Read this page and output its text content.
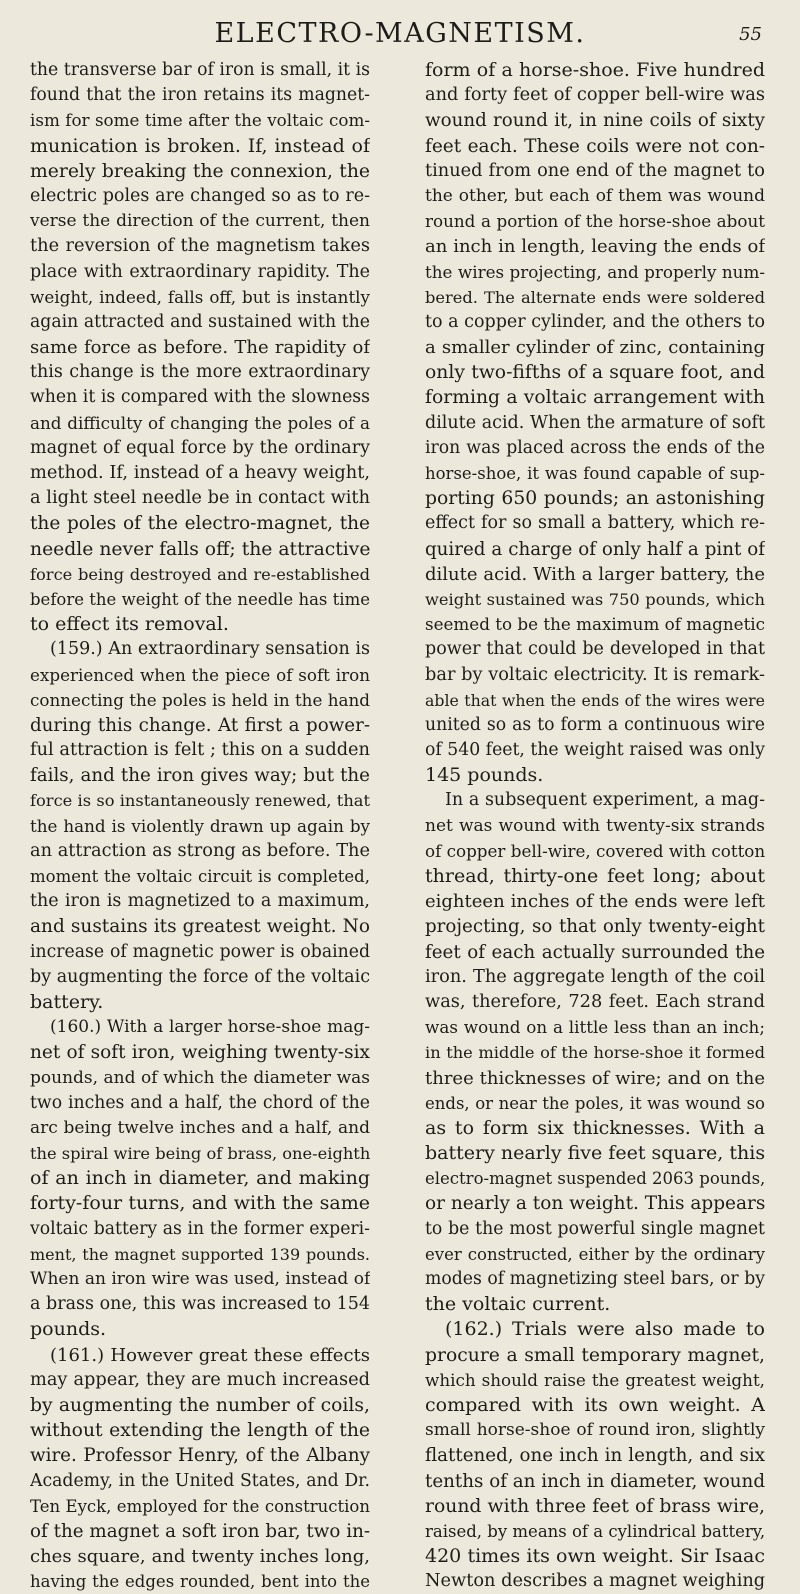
ELECTRO-MAGNETISM.	55
the transverse bar of iron is small, it is
found that the iron retains its magnet-
ism for some time after the voltaic com-
munication is broken. If, instead of
merely breaking the connexion, the
electric poles are changed so as to re-
verse the direction of the current, then
the reversion of the magnetism takes
place with extraordinary rapidity. The
weight, indeed, falls off, but is instantly
again attracted and sustained with the
same force as before. The rapidity of
this change is the more extraordinary
when it is compared with the slowness
and difficulty of changing the poles of a
magnet of equal force by the ordinary
method. If, instead of a heavy weight,
a light steel needle be in contact with
the poles of the electro-magnet, the
needle never falls off; the attractive
force being destroyed and re-established
before the weight of the needle has time
to effect its removal.
(159.) An extraordinary sensation is
experienced when the piece of soft iron
connecting the poles is held in the hand
during this change. At first a power-
ful attraction is felt ; this on a sudden
fails, and the iron gives way; but the
force is so instantaneously renewed, that
the hand is violently drawn up again by
an attraction as strong as before. The
moment the voltaic circuit is completed,
the iron is magnetized to a maximum,
and sustains its greatest weight. No
increase of magnetic power is obained
by augmenting the force of the voltaic
battery.
(160.) With a larger horse-shoe mag-
net of soft iron, weighing twenty-six
pounds, and of which the diameter was
two inches and a half, the chord of the
arc being twelve inches and a half, and
the spiral wire being of brass, one-eighth
of an inch in diameter, and making
forty-four turns, and with the same
voltaic battery as in the former experi-
ment, the magnet supported 139 pounds.
When an iron wire was used, instead of
a brass one, this was increased to 154
pounds.
(161.) However great these effects
may appear, they are much increased
by augmenting the number of coils,
without extending the length of the
wire. Professor Henry, of the Albany
Academy, in the United States, and Dr.
Ten Eyck, employed for the construction
of the magnet a soft iron bar, two in-
ches square, and twenty inches long,
having the edges rounded, bent into the
form of a horse-shoe. Five hundred
and forty feet of copper bell-wire was
wound round it, in nine coils of sixty
feet each. These coils were not con-
tinued from one end of the magnet to
the other, but each of them was wound
round a portion of the horse-shoe about
an inch in length, leaving the ends of
the wires projecting, and properly num-
bered. The alternate ends were soldered
to a copper cylinder, and the others to
a smaller cylinder of zinc, containing
only two-fifths of a square foot, and
forming a voltaic arrangement with
dilute acid. When the armature of soft
iron was placed across the ends of the
horse-shoe, it was found capable of sup-
porting 650 pounds; an astonishing
effect for so small a battery, which re-
quired a charge of only half a pint of
dilute acid. With a larger battery, the
weight sustained was 750 pounds, which
seemed to be the maximum of magnetic
power that could be developed in that
bar by voltaic electricity. It is remark-
able that when the ends of the wires were
united so as to form a continuous wire
of 540 feet, the weight raised was only
145 pounds.
In a subsequent experiment, a mag-
net was wound with twenty-six strands
of copper bell-wire, covered with cotton
thread, thirty-one feet long; about
eighteen inches of the ends were left
projecting, so that only twenty-eight
feet of each actually surrounded the
iron. The aggregate length of the coil
was, therefore, 728 feet. Each strand
was wound on a little less than an inch;
in the middle of the horse-shoe it formed
three thicknesses of wire; and on the
ends, or near the poles, it was wound so
as to form six thicknesses. With a
battery nearly five feet square, this
electro-magnet suspended 2063 pounds,
or nearly a ton weight. This appears
to be the most powerful single magnet
ever constructed, either by the ordinary
modes of magnetizing steel bars, or by
the voltaic current.
(162.) Trials were also made to
procure a small temporary magnet,
which should raise the greatest weight,
compared with its own weight. A
small horse-shoe of round iron, slightly
flattened, one inch in length, and six
tenths of an inch in diameter, wound
round with three feet of brass wire,
raised, by means of a cylindrical battery,
420 times its own weight. Sir Isaac
Newton describes a magnet weighing
